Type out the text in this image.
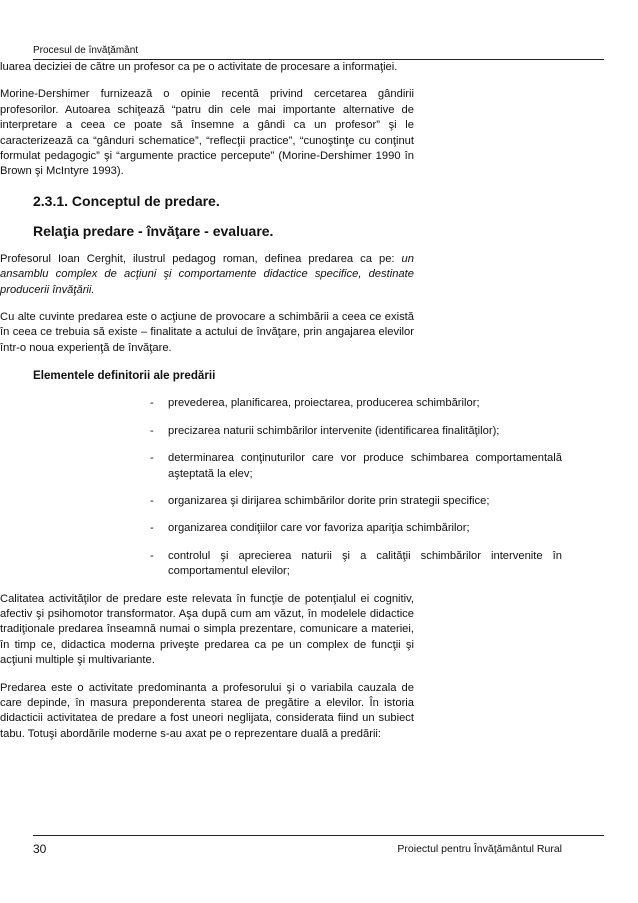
Procesul de învăţământ

luarea deciziei de către un profesor ca pe o activitate de procesare a informaţiei.

Morine-Dershimer furnizează o opinie recentă privind cercetarea gândirii profesorilor. Autoarea schiţează “patru din cele mai importante alternative de interpretare a ceea ce poate să însemne a gândi ca un profesor” şi le caracterizează ca “gânduri schematice”, “reflecţii practice”, “cunoştinţe cu conţinut formulat pedagogic” şi “argumente practice percepute” (Morine-Dershimer 1990 în Brown şi McIntyre 1993).

2.3.1. Conceptul de predare.
Relaţia predare - învăţare - evaluare.

Profesorul Ioan Cerghit, ilustrul pedagog roman, definea predarea ca pe: un ansamblu complex de acţiuni şi comportamente didactice specifice, destinate producerii învăţării.

Cu alte cuvinte predarea este o acţiune de provocare a schimbării a ceea ce există în ceea ce trebuia să existe – finalitate a actului de învăţare, prin angajarea elevilor într-o noua experienţă de învăţare.

Elementele definitorii ale predării
- prevederea, planificarea, proiectarea, producerea schimbărilor;
- precizarea naturii schimbărilor intervenite (identificarea finalităţilor);
- determinarea conţinuturilor care vor produce schimbarea comportamentală aşteptată la elev;
- organizarea şi dirijarea schimbărilor dorite prin strategii specifice;
- organizarea condiţiilor care vor favoriza apariţia schimbărilor;
- controlul şi aprecierea naturii şi a calităţii schimbărilor intervenite în comportamentul elevilor;

Calitatea activităţilor de predare este relevata în funcţie de potenţialul ei cognitiv, afectiv şi psihomotor transformator. Aşa după cum am văzut, în modelele didactice tradiţionale predarea înseamnă numai o simpla prezentare, comunicare a materiei, în timp ce, didactica moderna priveşte predarea ca pe un complex de funcţii şi acţiuni multiple şi multivariante.

Predarea este o activitate predominanta a profesorului şi o variabila cauzala de care depinde, în masura preponderenta starea de pregătire a elevilor. În istoria didacticii activitatea de predare a fost uneori neglijata, considerata fiind un subiect tabu. Totuşi abordările moderne s-au axat pe o reprezentare duală a predării:

30	Proiectul pentru Învăţământul Rural
